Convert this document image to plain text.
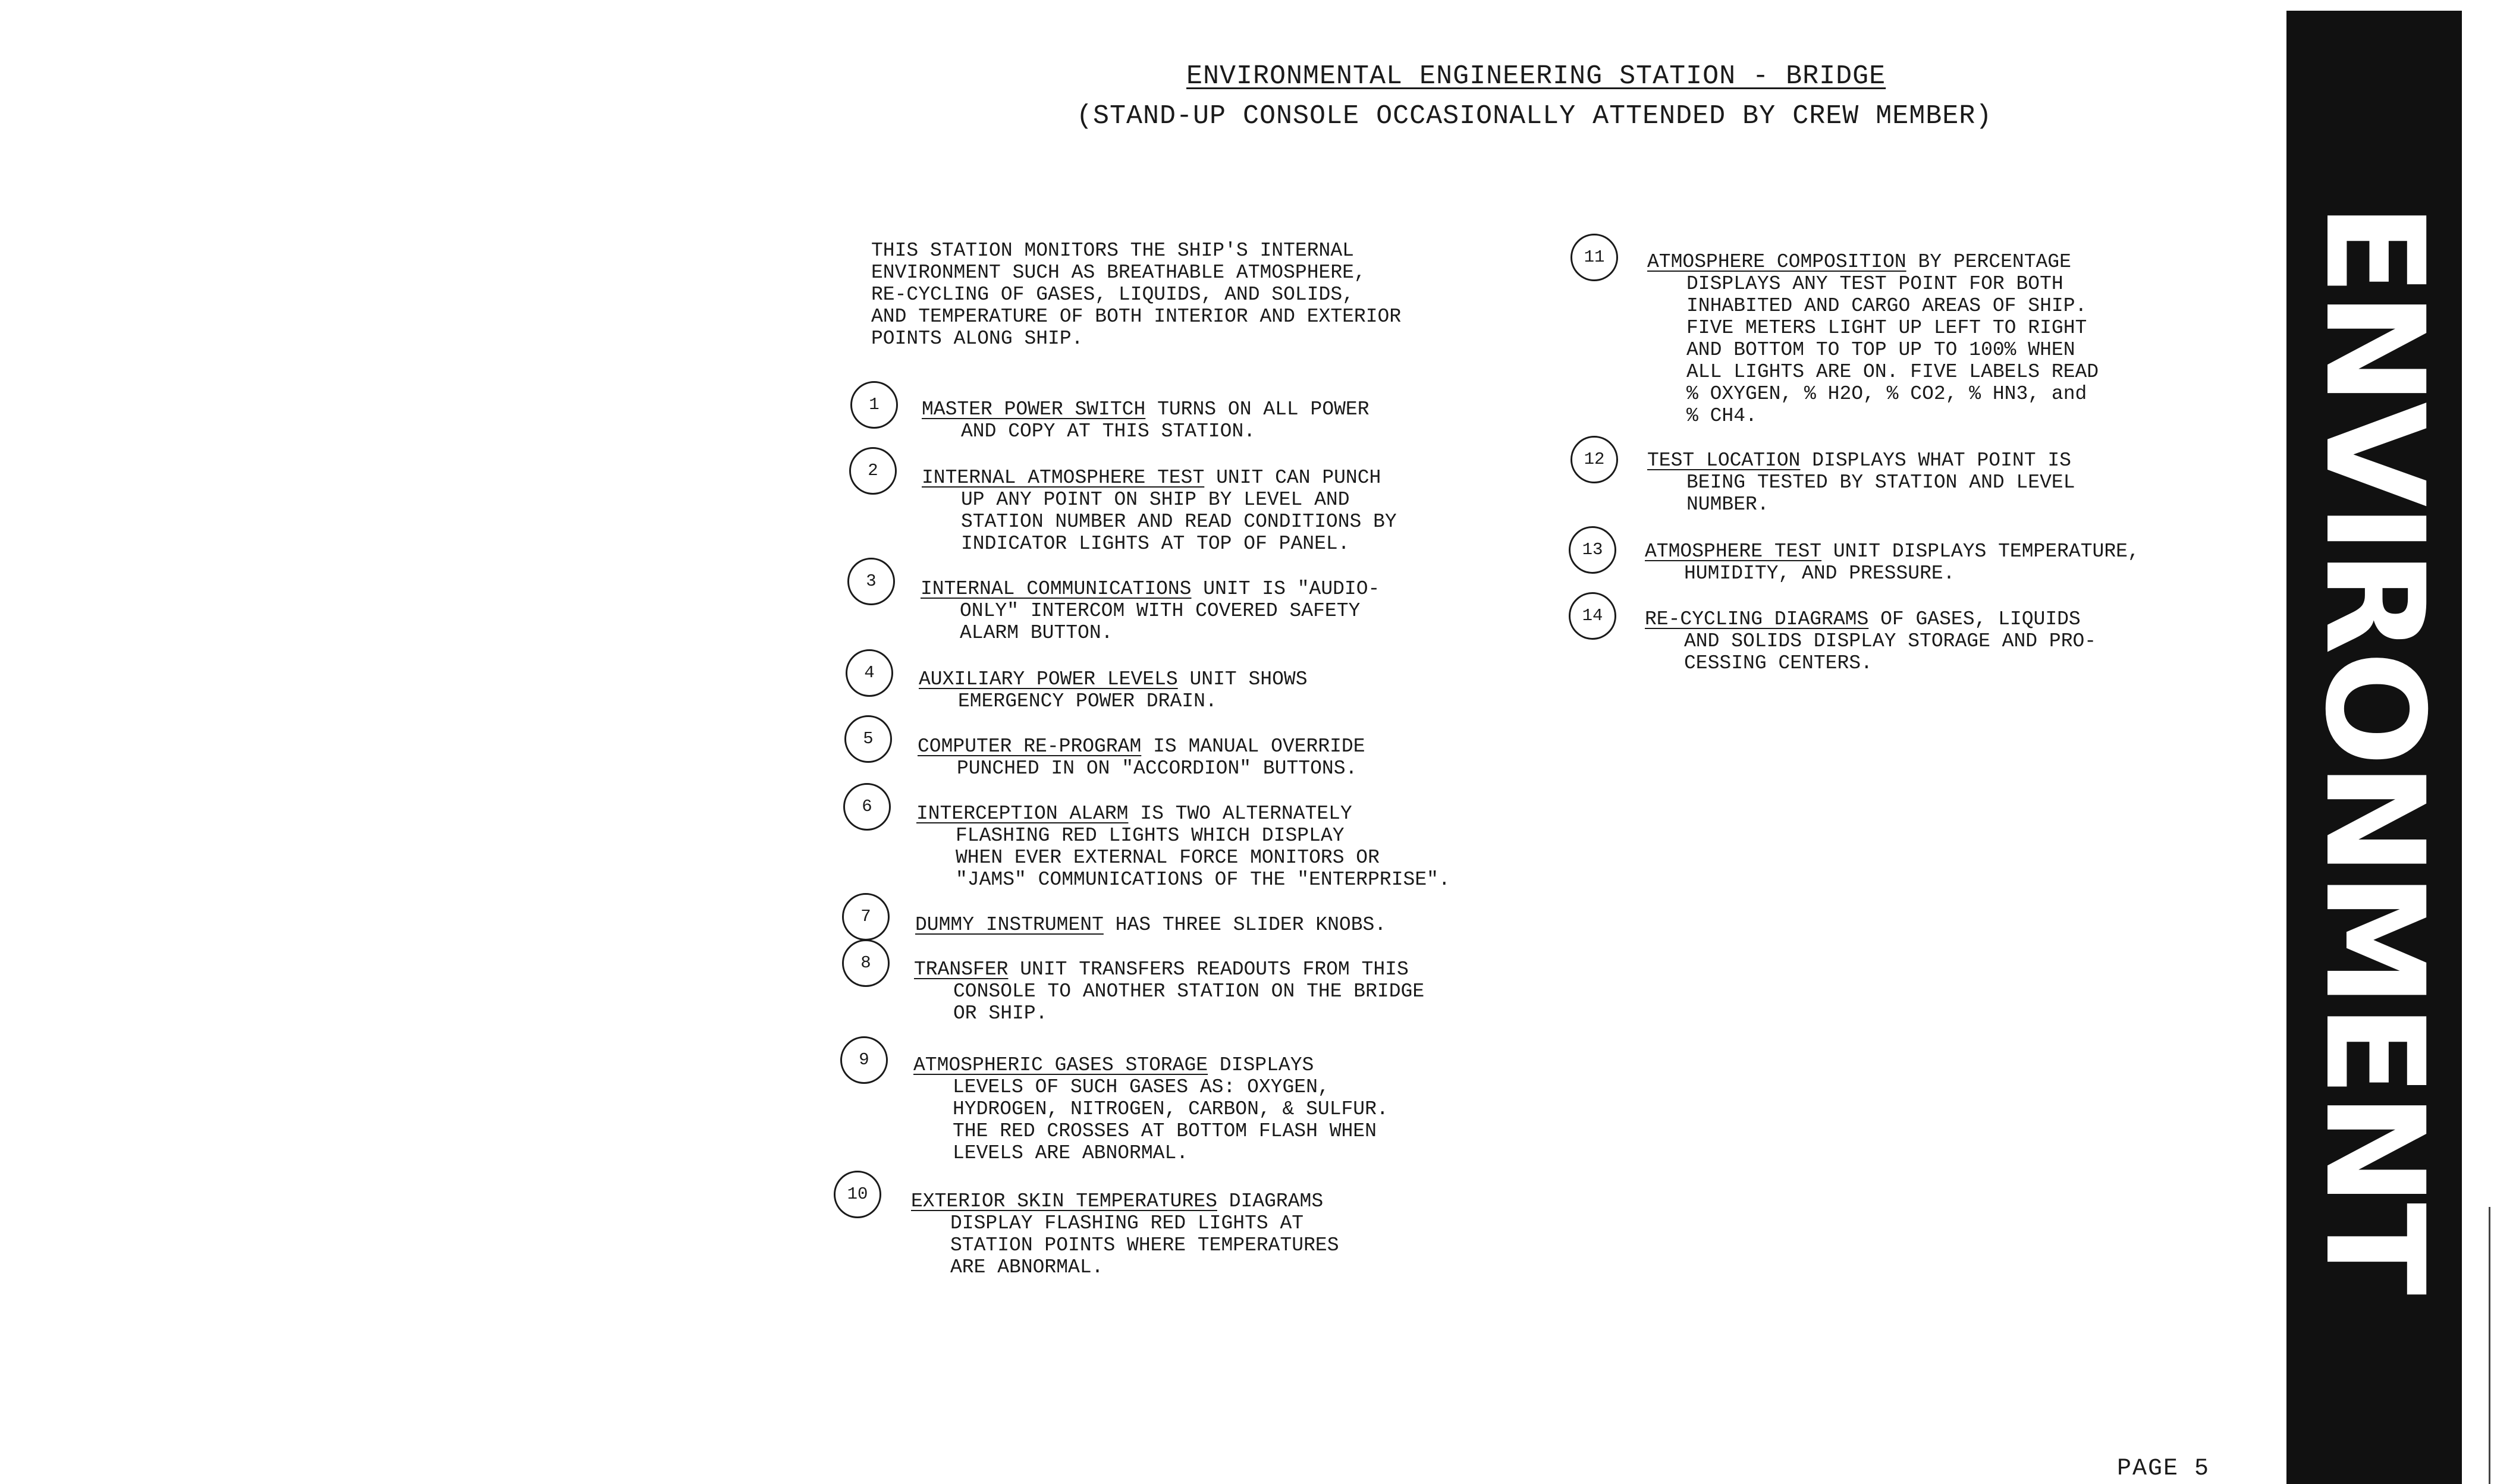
ENVIRONMENTAL ENGINEERING STATION - BRIDGE
(STAND-UP CONSOLE OCCASIONALLY ATTENDED BY CREW MEMBER)
THIS STATION MONITORS THE SHIP'S INTERNAL
ENVIRONMENT SUCH AS BREATHABLE ATMOSPHERE,
RE-CYCLING OF GASES, LIQUIDS, AND SOLIDS,
AND TEMPERATURE OF BOTH INTERIOR AND EXTERIOR
POINTS ALONG SHIP.
1	MASTER POWER SWITCH TURNS ON ALL POWER
AND COPY AT THIS STATION.
2	INTERNAL ATMOSPHERE TEST UNIT CAN PUNCH
UP ANY POINT ON SHIP BY LEVEL AND
STATION NUMBER AND READ CONDITIONS BY
INDICATOR LIGHTS AT TOP OF PANEL.
3	INTERNAL COMMUNICATIONS UNIT IS "AUDIO-
ONLY" INTERCOM WITH COVERED SAFETY
ALARM BUTTON.
4	AUXILIARY POWER LEVELS UNIT SHOWS
EMERGENCY POWER DRAIN.
5	COMPUTER RE-PROGRAM IS MANUAL OVERRIDE
PUNCHED IN ON "ACCORDION" BUTTONS.
6	INTERCEPTION ALARM IS TWO ALTERNATELY
FLASHING RED LIGHTS WHICH DISPLAY
WHEN EVER EXTERNAL FORCE MONITORS OR
"JAMS" COMMUNICATIONS OF THE "ENTERPRISE".
7	DUMMY INSTRUMENT HAS THREE SLIDER KNOBS.
8	TRANSFER UNIT TRANSFERS READOUTS FROM THIS
CONSOLE TO ANOTHER STATION ON THE BRIDGE
OR SHIP.
9	ATMOSPHERIC GASES STORAGE DISPLAYS
LEVELS OF SUCH GASES AS: OXYGEN,
HYDROGEN, NITROGEN, CARBON, & SULFUR.
THE RED CROSSES AT BOTTOM FLASH WHEN
LEVELS ARE ABNORMAL.
10	EXTERIOR SKIN TEMPERATURES DIAGRAMS
DISPLAY FLASHING RED LIGHTS AT
STATION POINTS WHERE TEMPERATURES
ARE ABNORMAL.
11	ATMOSPHERE COMPOSITION BY PERCENTAGE
DISPLAYS ANY TEST POINT FOR BOTH
INHABITED AND CARGO AREAS OF SHIP.
FIVE METERS LIGHT UP LEFT TO RIGHT
AND BOTTOM TO TOP UP TO 100% WHEN
ALL LIGHTS ARE ON. FIVE LABELS READ
% OXYGEN, % H2O, % CO2, % HN3, and
% CH4.
12	TEST LOCATION DISPLAYS WHAT POINT IS
BEING TESTED BY STATION AND LEVEL
NUMBER.
13	ATMOSPHERE TEST UNIT DISPLAYS TEMPERATURE,
HUMIDITY, AND PRESSURE.
14	RE-CYCLING DIAGRAMS OF GASES, LIQUIDS
AND SOLIDS DISPLAY STORAGE AND PRO-
CESSING CENTERS.	ENVIRONMENT
PAGE 5
